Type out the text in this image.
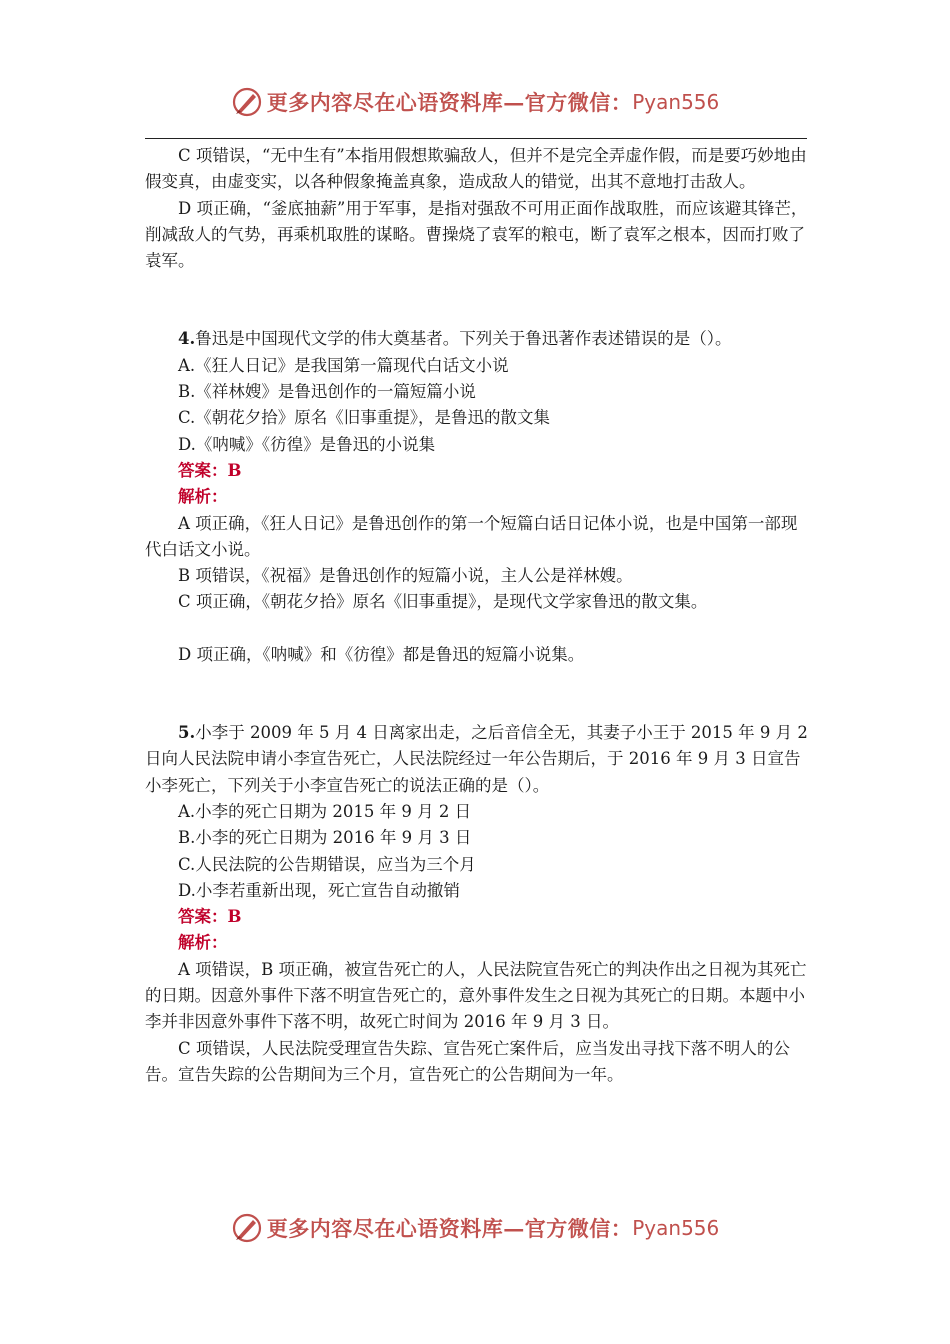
更多内容尽在心语资料库—官方微信： Pyan556

C 项错误，“无中生有”本指用假想欺骗敌人，但并不是完全弄虚作假，而是要巧妙地由假变真，由虚变实，以各种假象掩盖真象，造成敌人的错觉，出其不意地打击敌人。

D 项正确，“釜底抽薪”用于军事，是指对强敌不可用正面作战取胜，而应该避其锋芒，削减敌人的气势，再乘机取胜的谋略。曹操烧了袁军的粮屯，断了袁军之根本，因而打败了袁军。

4.鲁迅是中国现代文学的伟大奠基者。下列关于鲁迅著作表述错误的是（）。

A.《狂人日记》是我国第一篇现代白话文小说

B.《祥林嫂》是鲁迅创作的一篇短篇小说

C.《朝花夕拾》原名《旧事重提》，是鲁迅的散文集

D.《呐喊》《彷徨》是鲁迅的小说集

答案：B

解析：

A 项正确，《狂人日记》是鲁迅创作的第一个短篇白话日记体小说，也是中国第一部现代白话文小说。

B 项错误，《祝福》是鲁迅创作的短篇小说，主人公是祥林嫂。

C 项正确，《朝花夕拾》原名《旧事重提》，是现代文学家鲁迅的散文集。

D 项正确，《呐喊》和《彷徨》都是鲁迅的短篇小说集。

5.小李于 2009 年 5 月 4 日离家出走，之后音信全无，其妻子小王于 2015 年 9 月 2 日向人民法院申请小李宣告死亡，人民法院经过一年公告期后，于 2016 年 9 月 3 日宣告小李死亡，下列关于小李宣告死亡的说法正确的是（）。

A.小李的死亡日期为 2015 年 9 月 2 日

B.小李的死亡日期为 2016 年 9 月 3 日

C.人民法院的公告期错误，应当为三个月

D.小李若重新出现，死亡宣告自动撤销

答案：B

解析：

A 项错误，B 项正确，被宣告死亡的人，人民法院宣告死亡的判决作出之日视为其死亡的日期。因意外事件下落不明宣告死亡的，意外事件发生之日视为其死亡的日期。本题中小李并非因意外事件下落不明，故死亡时间为 2016 年 9 月 3 日。

C 项错误，人民法院受理宣告失踪、宣告死亡案件后，应当发出寻找下落不明人的公告。宣告失踪的公告期间为三个月，宣告死亡的公告期间为一年。

更多内容尽在心语资料库—官方微信： Pyan556
